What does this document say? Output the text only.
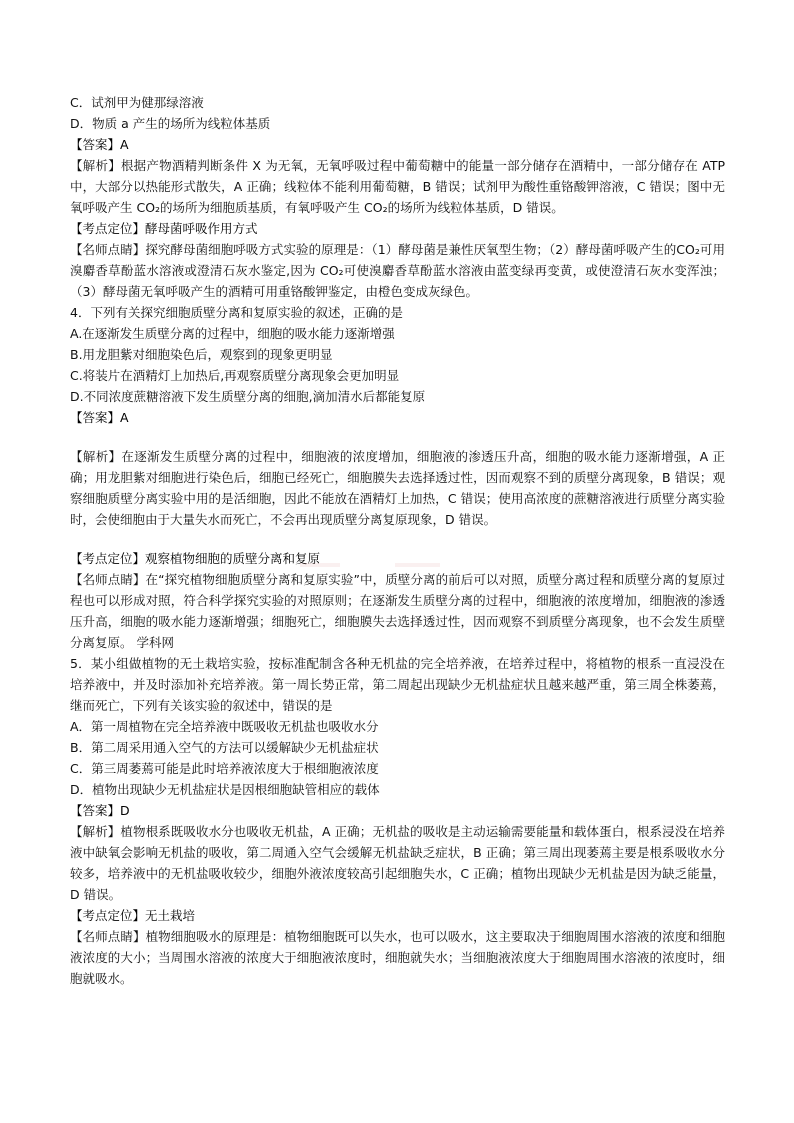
C．试剂甲为健那绿溶液
D．物质 a 产生的场所为线粒体基质
【答案】A
【解析】根据产物酒精判断条件 X 为无氧，无氧呼吸过程中葡萄糖中的能量一部分储存在酒精中，一部分储存在 ATP 中，大部分以热能形式散失，A 正确；线粒体不能利用葡萄糖，B 错误；试剂甲为酸性重铬酸钾溶液，C 错误；图中无氧呼吸产生 CO₂的场所为细胞质基质，有氧呼吸产生 CO₂的场所为线粒体基质，D 错误。
【考点定位】酵母菌呼吸作用方式
【名师点睛】探究酵母菌细胞呼吸方式实验的原理是：（1）酵母菌是兼性厌氧型生物；（2）酵母菌呼吸产生的CO₂可用溴麝香草酚蓝水溶液或澄清石灰水鉴定,因为 CO₂可使溴麝香草酚蓝水溶液由蓝变绿再变黄，或使澄清石灰水变浑浊；（3）酵母菌无氧呼吸产生的酒精可用重铬酸钾鉴定，由橙色变成灰绿色。
4．下列有关探究细胞质壁分离和复原实验的叙述，正确的是
A.在逐渐发生质壁分离的过程中，细胞的吸水能力逐渐增强
B.用龙胆紫对细胞染色后，观察到的现象更明显
C.将装片在酒精灯上加热后,再观察质壁分离现象会更加明显
D.不同浓度蔗糖溶液下发生质壁分离的细胞,滴加清水后都能复原
【答案】A
【解析】在逐渐发生质壁分离的过程中，细胞液的浓度增加，细胞液的渗透压升高，细胞的吸水能力逐渐增强，A 正确；用龙胆紫对细胞进行染色后，细胞已经死亡，细胞膜失去选择透过性，因而观察不到的质壁分离现象，B 错误；观察细胞质壁分离实验中用的是活细胞，因此不能放在酒精灯上加热，C 错误；使用高浓度的蔗糖溶液进行质壁分离实验时，会使细胞由于大量失水而死亡，不会再出现质壁分离复原现象，D 错误。
【考点定位】观察植物细胞的质壁分离和复原
【名师点睛】在“探究植物细胞质壁分离和复原实验”中，质壁分离的前后可以对照，质壁分离过程和质壁分离的复原过程也可以形成对照，符合科学探究实验的对照原则；在逐渐发生质壁分离的过程中，细胞液的浓度增加，细胞液的渗透压升高，细胞的吸水能力逐渐增强；细胞死亡，细胞膜失去选择透过性，因而观察不到质壁分离现象，也不会发生质壁分离复原。 学科网
5．某小组做植物的无土栽培实验，按标准配制含各种无机盐的完全培养液，在培养过程中，将植物的根系一直浸没在培养液中，并及时添加补充培养液。第一周长势正常，第二周起出现缺少无机盐症状且越来越严重，第三周全株萎蔫，继而死亡，下列有关该实验的叙述中，错误的是
A．第一周植物在完全培养液中既吸收无机盐也吸收水分
B．第二周采用通入空气的方法可以缓解缺少无机盐症状
C．第三周萎蔫可能是此时培养液浓度大于根细胞液浓度
D．植物出现缺少无机盐症状是因根细胞缺管相应的载体
【答案】D
【解析】植物根系既吸收水分也吸收无机盐，A 正确；无机盐的吸收是主动运输需要能量和载体蛋白，根系浸没在培养液中缺氧会影响无机盐的吸收，第二周通入空气会缓解无机盐缺乏症状，B 正确；第三周出现萎蔫主要是根系吸收水分较多，培养液中的无机盐吸收较少，细胞外液浓度较高引起细胞失水，C 正确；植物出现缺少无机盐是因为缺乏能量，D 错误。
【考点定位】无土栽培
【名师点睛】植物细胞吸水的原理是：植物细胞既可以失水，也可以吸水，这主要取决于细胞周围水溶液的浓度和细胞液浓度的大小；当周围水溶液的浓度大于细胞液浓度时，细胞就失水；当细胞液浓度大于细胞周围水溶液的浓度时，细胞就吸水。
